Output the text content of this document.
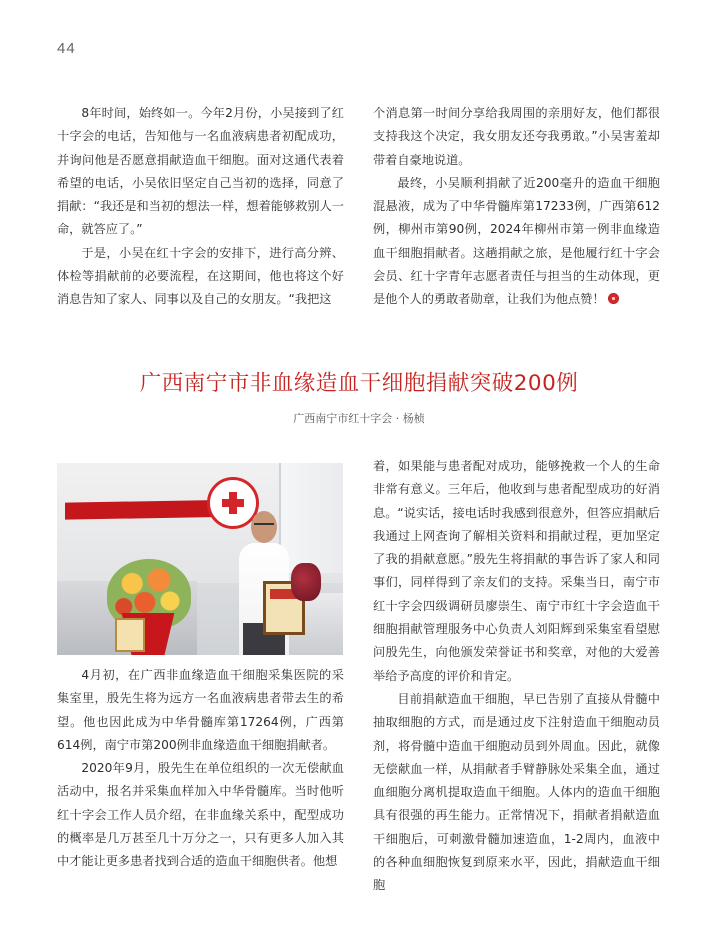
44

8年时间，始终如一。今年2月份，小吴接到了红十字会的电话，告知他与一名血液病患者初配成功，并询问他是否愿意捐献造血干细胞。面对这通代表着希望的电话，小吴依旧坚定自己当初的选择，同意了捐献：“我还是和当初的想法一样，想着能够救别人一命，就答应了。”

于是，小吴在红十字会的安排下，进行高分辨、体检等捐献前的必要流程，在这期间，他也将这个好消息告知了家人、同事以及自己的女朋友。“我把这

个消息第一时间分享给我周围的亲朋好友，他们都很支持我这个决定，我女朋友还夸我勇敢。”小吴害羞却带着自豪地说道。

最终，小吴顺利捐献了近200毫升的造血干细胞混悬液，成为了中华骨髓库第17233例，广西第612例，柳州市第90例，2024年柳州市第一例非血缘造血干细胞捐献者。这趟捐献之旅，是他履行红十字会会员、红十字青年志愿者责任与担当的生动体现，更是他个人的勇敢者勋章，让我们为他点赞！

广西南宁市非血缘造血干细胞捐献突破200例
广西南宁市红十字会 · 杨桢

4月初，在广西非血缘造血干细胞采集医院的采集室里，殷先生将为远方一名血液病患者带去生的希望。他也因此成为中华骨髓库第17264例，广西第614例，南宁市第200例非血缘造血干细胞捐献者。

2020年9月，殷先生在单位组织的一次无偿献血活动中，报名并采集血样加入中华骨髓库。当时他听红十字会工作人员介绍，在非血缘关系中，配型成功的概率是几万甚至几十万分之一，只有更多人加入其中才能让更多患者找到合适的造血干细胞供者。他想

着，如果能与患者配对成功，能够挽救一个人的生命非常有意义。三年后，他收到与患者配型成功的好消息。“说实话，接电话时我感到很意外，但答应捐献后我通过上网查询了解相关资料和捐献过程，更加坚定了我的捐献意愿。”殷先生将捐献的事告诉了家人和同事们，同样得到了亲友们的支持。采集当日，南宁市红十字会四级调研员廖崇生、南宁市红十字会造血干细胞捐献管理服务中心负责人刘阳辉到采集室看望慰问殷先生，向他颁发荣誉证书和奖章，对他的大爱善举给予高度的评价和肯定。

目前捐献造血干细胞，早已告别了直接从骨髓中抽取细胞的方式，而是通过皮下注射造血干细胞动员剂，将骨髓中造血干细胞动员到外周血。因此，就像无偿献血一样，从捐献者手臂静脉处采集全血，通过血细胞分离机提取造血干细胞。人体内的造血干细胞具有很强的再生能力。正常情况下，捐献者捐献造血干细胞后，可刺激骨髓加速造血，1-2周内，血液中的各种血细胞恢复到原来水平，因此，捐献造血干细胞
